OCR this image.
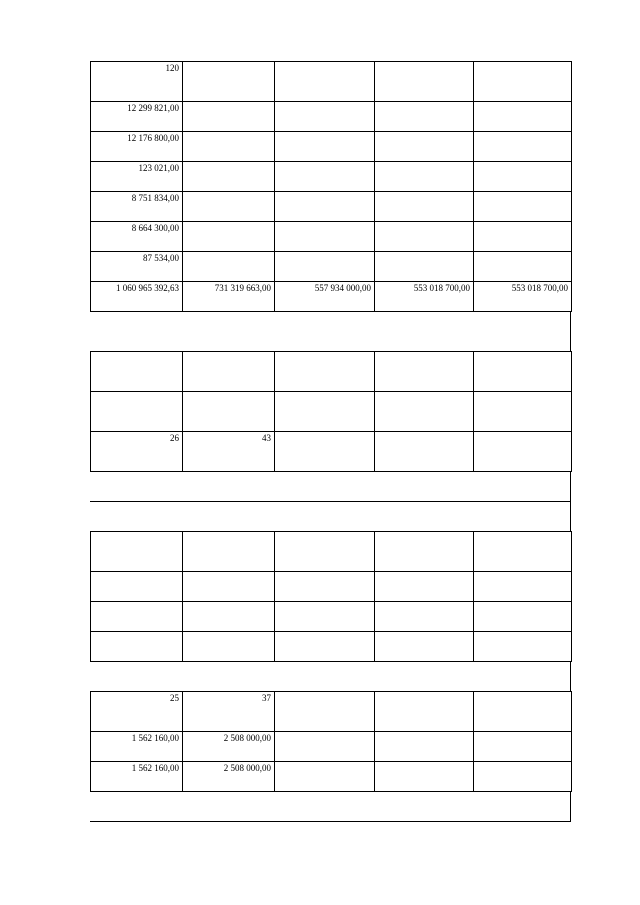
120				

12 299 821,00				

12 176 800,00				

123 021,00				

8 751 834,00				

8 664 300,00				

87 534,00				

1 060 965 392,63	731 319 663,00	557 934 000,00	553 018 700,00	553 018 700,00

26	43			

25	37			

1 562 160,00	2 508 000,00			

1 562 160,00	2 508 000,00			
